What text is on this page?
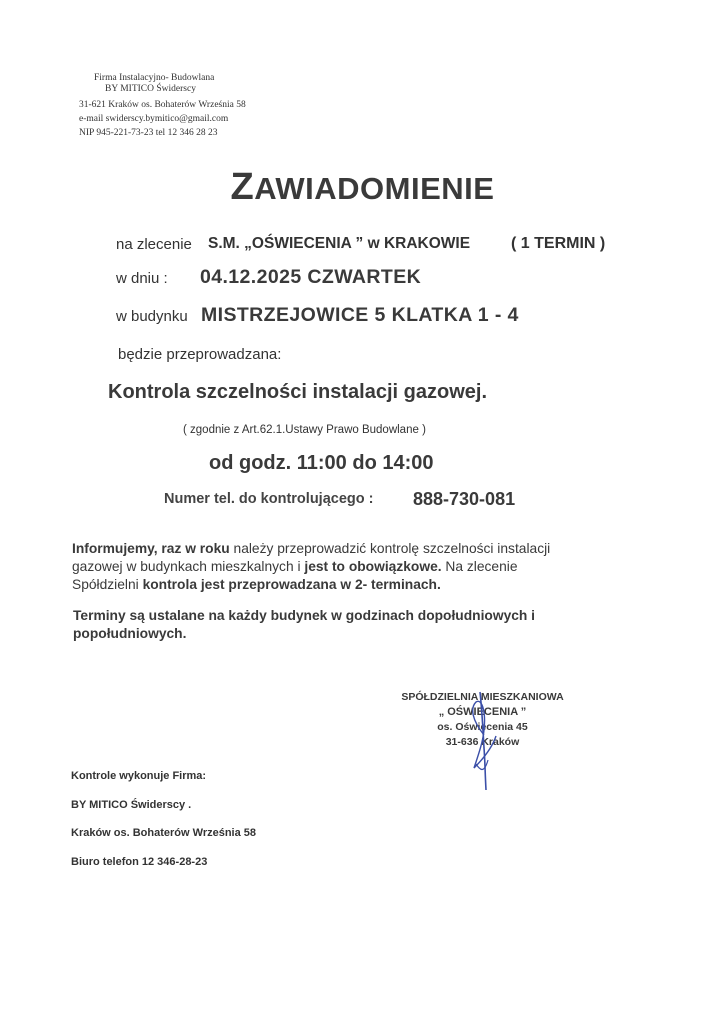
Firma Instalacyjno- Budowlana
BY MITICO Świderscy
31-621 Kraków os. Bohaterów Września 58
e-mail swiderscy.bymitico@gmail.com
NIP 945-221-73-23 tel 12 346 28 23
ZAWIADOMIENIE
na zlecenie S.M. „OŚWIECENIA ” w KRAKOWIE	( 1 TERMIN )
w dniu : 04.12.2025 CZWARTEK
w budynku MISTRZEJOWICE 5 KLATKA 1 - 4
będzie przeprowadzana:
Kontrola szczelności instalacji gazowej.
( zgodnie z Art.62.1.Ustawy Prawo Budowlane )
od godz. 11:00 do 14:00
Numer tel. do kontrolującego : 888-730-081
Informujemy, raz w roku należy przeprowadzić kontrolę szczelności instalacji
gazowej w budynkach mieszkalnych i jest to obowiązkowe. Na zlecenie
Spółdzielni kontrola jest przeprowadzana w 2- terminach.
Terminy są ustalane na każdy budynek w godzinach dopołudniowych i
popołudniowych.
SPÓŁDZIELNIA MIESZKANIOWA
„ OŚWIECENIA ”
os. Oświecenia 45
31-636 Kraków
Kontrole wykonuje Firma:
BY MITICO Świderscy .
Kraków os. Bohaterów Września 58
Biuro telefon 12 346-28-23
